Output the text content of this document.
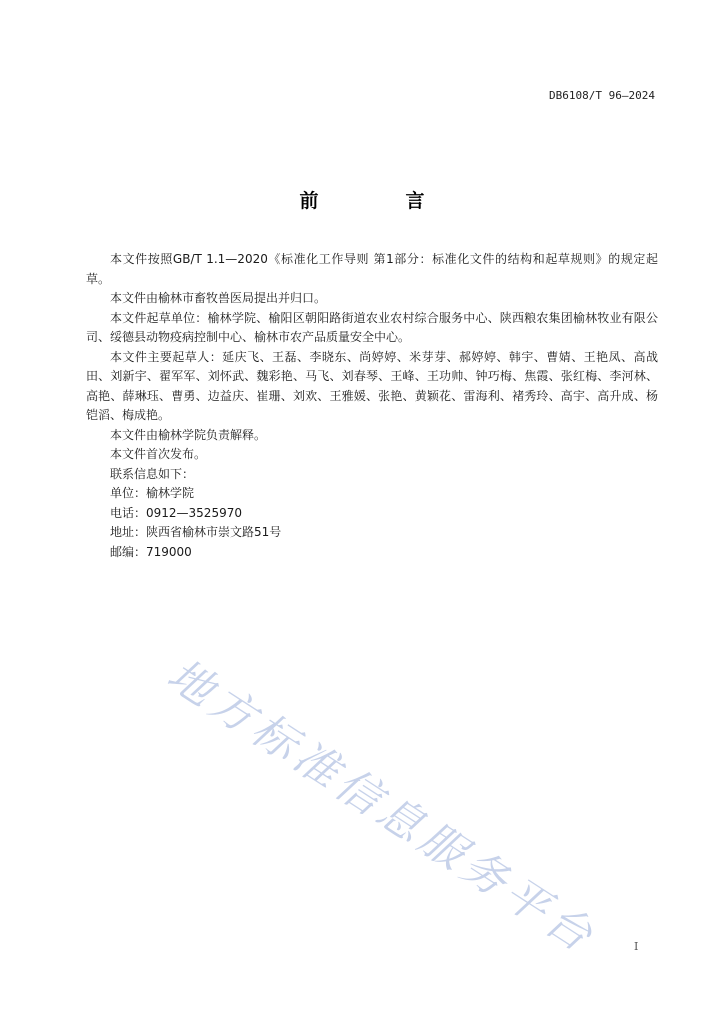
DB6108/T 96—2024
前　言

本文件按照GB/T 1.1—2020《标准化工作导则 第1部分：标准化文件的结构和起草规则》的规定起草。

本文件由榆林市畜牧兽医局提出并归口。

本文件起草单位：榆林学院、榆阳区朝阳路街道农业农村综合服务中心、陕西粮农集团榆林牧业有限公司、绥德县动物疫病控制中心、榆林市农产品质量安全中心。

本文件主要起草人：延庆飞、王磊、李晓东、尚婷婷、米芽芽、郝婷婷、韩宇、曹婧、王艳凤、高战田、刘新宇、翟军军、刘怀武、魏彩艳、马飞、刘春琴、王峰、王功帅、钟巧梅、焦霞、张红梅、李河林、高艳、薛琳珏、曹勇、边益庆、崔珊、刘欢、王雅媛、张艳、黄颖花、雷海利、褚秀玲、高宇、高升成、杨铠滔、梅成艳。

本文件由榆林学院负责解释。

本文件首次发布。

联系信息如下：

单位：榆林学院

电话：0912—3525970

地址：陕西省榆林市崇文路51号

邮编：719000

地方标准信息服务平台	I
